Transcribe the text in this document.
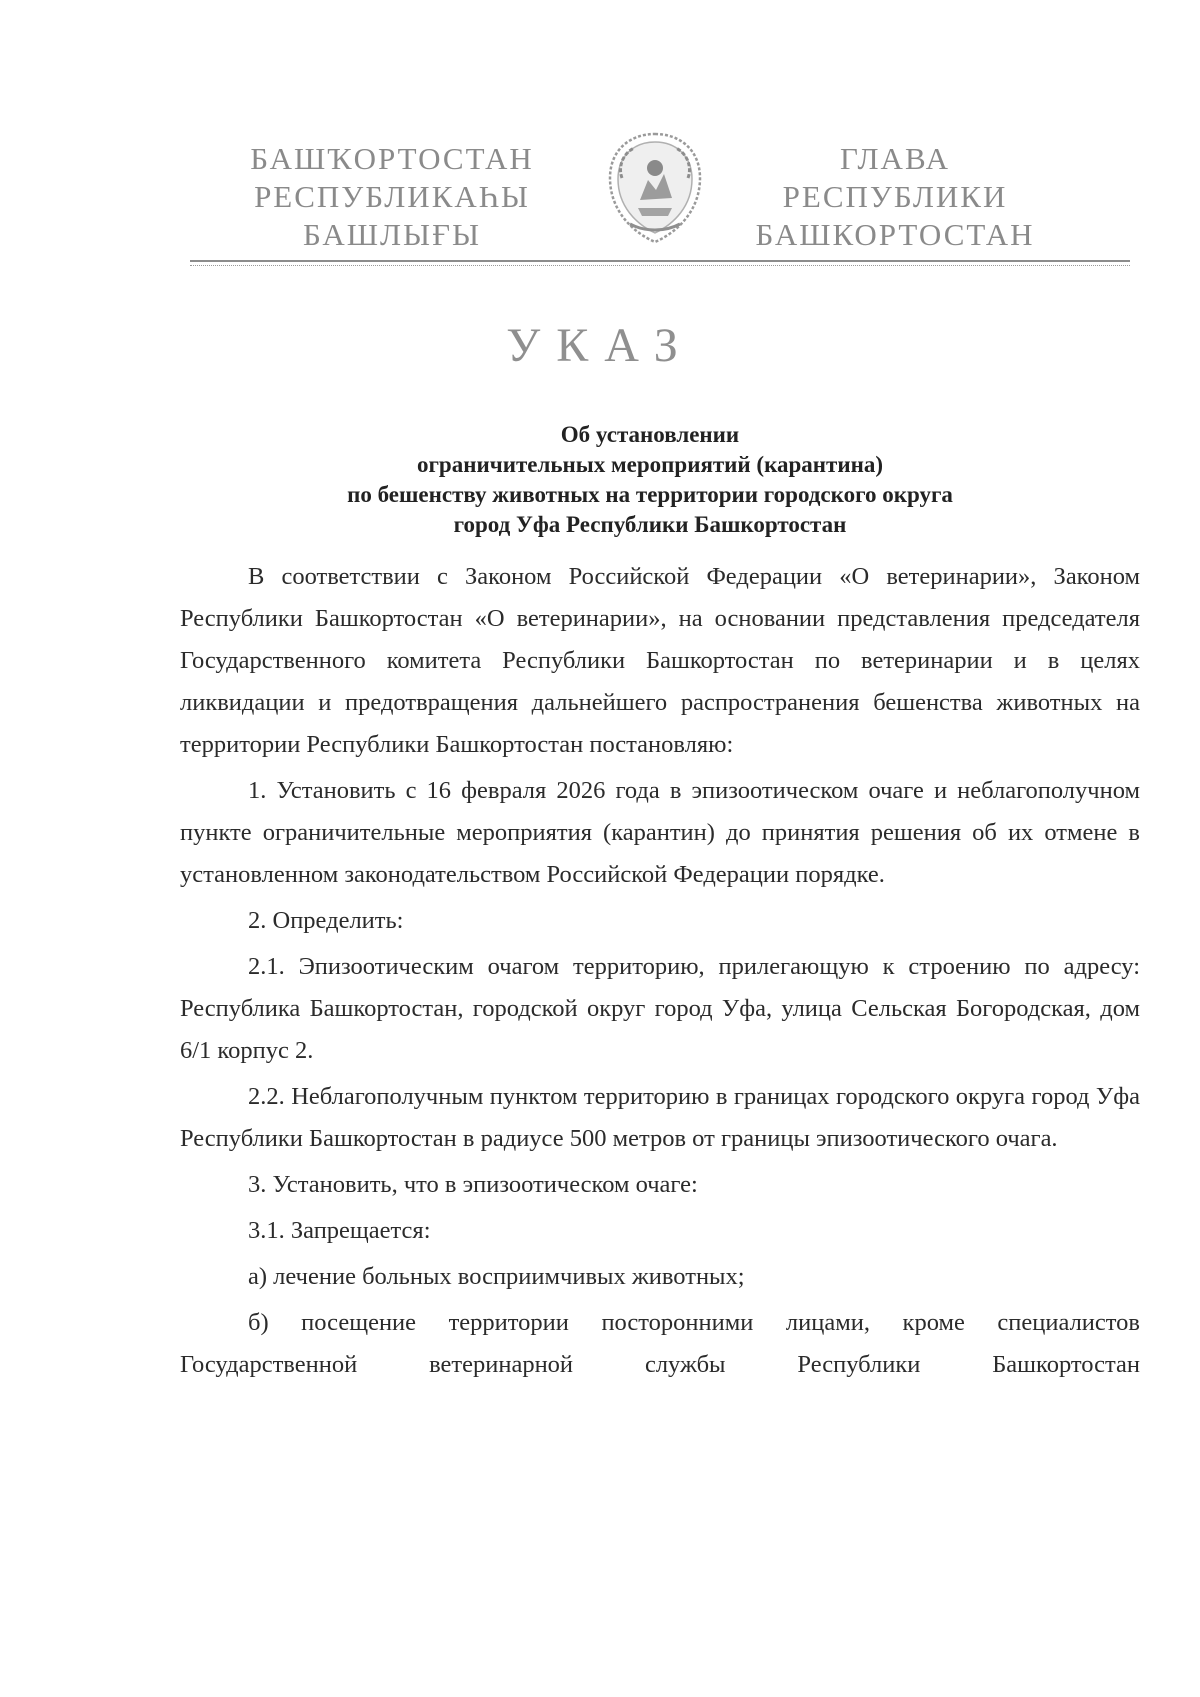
БАШҠОРТОСТАН
РЕСПУБЛИКАҺЫ
БАШЛЫҒЫ
ГЛАВА
РЕСПУБЛИКИ
БАШКОРТОСТАН
УКАЗ
Об установлении
ограничительных мероприятий (карантина)
по бешенству животных на территории городского округа
город Уфа Республики Башкортостан

В соответствии с Законом Российской Федерации «О ветеринарии», Законом Республики Башкортостан «О ветеринарии», на основании представления председателя Государственного комитета Республики Башкортостан по ветеринарии и в целях ликвидации и предотвращения дальнейшего распространения бешенства животных на территории Республики Башкортостан постановляю:

1. Установить с 16 февраля 2026 года в эпизоотическом очаге и неблагополучном пункте ограничительные мероприятия (карантин) до принятия решения об их отмене в установленном законодательством Российской Федерации порядке.

2. Определить:

2.1. Эпизоотическим очагом территорию, прилегающую к строению по адресу: Республика Башкортостан, городской округ город Уфа, улица Сельская Богородская, дом 6/1 корпус 2.

2.2. Неблагополучным пунктом территорию в границах городского округа город Уфа Республики Башкортостан в радиусе 500 метров от границы эпизоотического очага.

3. Установить, что в эпизоотическом очаге:

3.1. Запрещается:

а) лечение больных восприимчивых животных;

б) посещение территории посторонними лицами, кроме специалистов Государственной ветеринарной службы Республики Башкортостан
